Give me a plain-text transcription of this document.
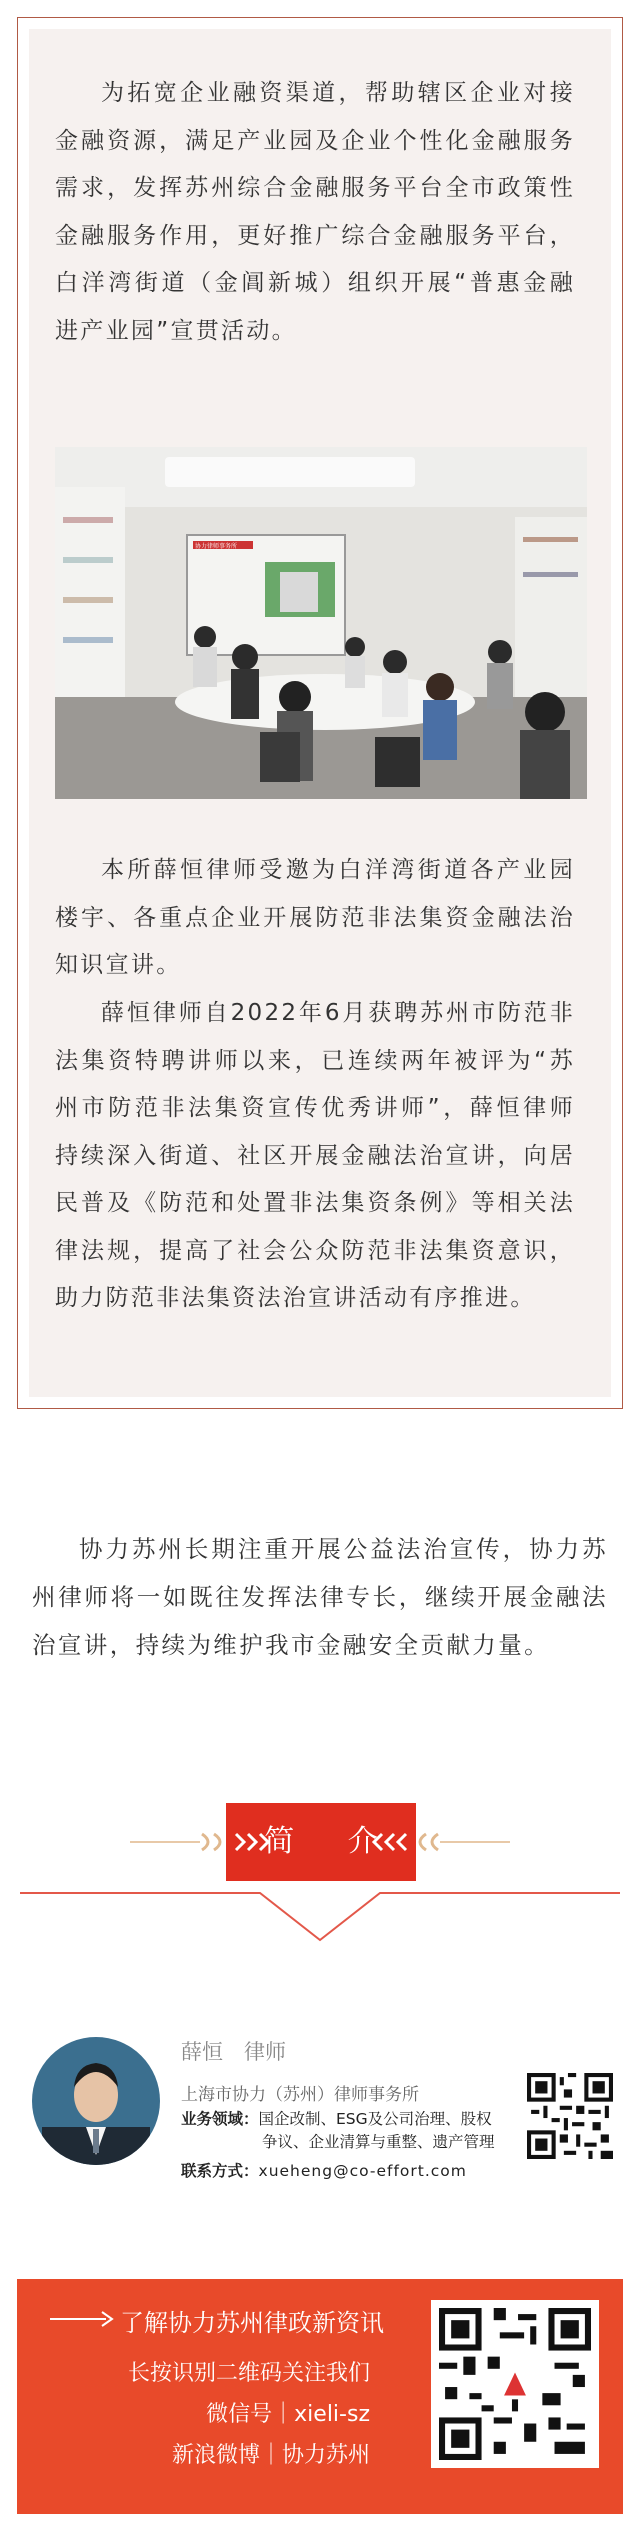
为拓宽企业融资渠道，帮助辖区企业对接金融资源，满足产业园及企业个性化金融服务需求，发挥苏州综合金融服务平台全市政策性金融服务作用，更好推广综合金融服务平台，白洋湾街道（金阊新城）组织开展“普惠金融进产业园”宣贯活动。

协力律师事务所

本所薛恒律师受邀为白洋湾街道各产业园楼宇、各重点企业开展防范非法集资金融法治知识宣讲。

薛恒律师自2022年6月获聘苏州市防范非法集资特聘讲师以来，已连续两年被评为“苏州市防范非法集资宣传优秀讲师”，薛恒律师持续深入街道、社区开展金融法治宣讲，向居民普及《防范和处置非法集资条例》等相关法律法规，提高了社会公众防范非法集资意识，助力防范非法集资法治宣讲活动有序推进。

协力苏州长期注重开展公益法治宣传，协力苏州律师将一如既往发挥法律专长，继续开展金融法治宣讲，持续为维护我市金融安全贡献力量。

简 介
薛恒　律师
上海市协力（苏州）律师事务所
业务领域：国企改制、ESG及公司治理、股权
争议、企业清算与重整、遗产管理
联系方式：xueheng@co-effort.com
了解协力苏州律政新资讯
长按识别二维码关注我们
微信号｜xieli-sz
新浪微博｜协力苏州
